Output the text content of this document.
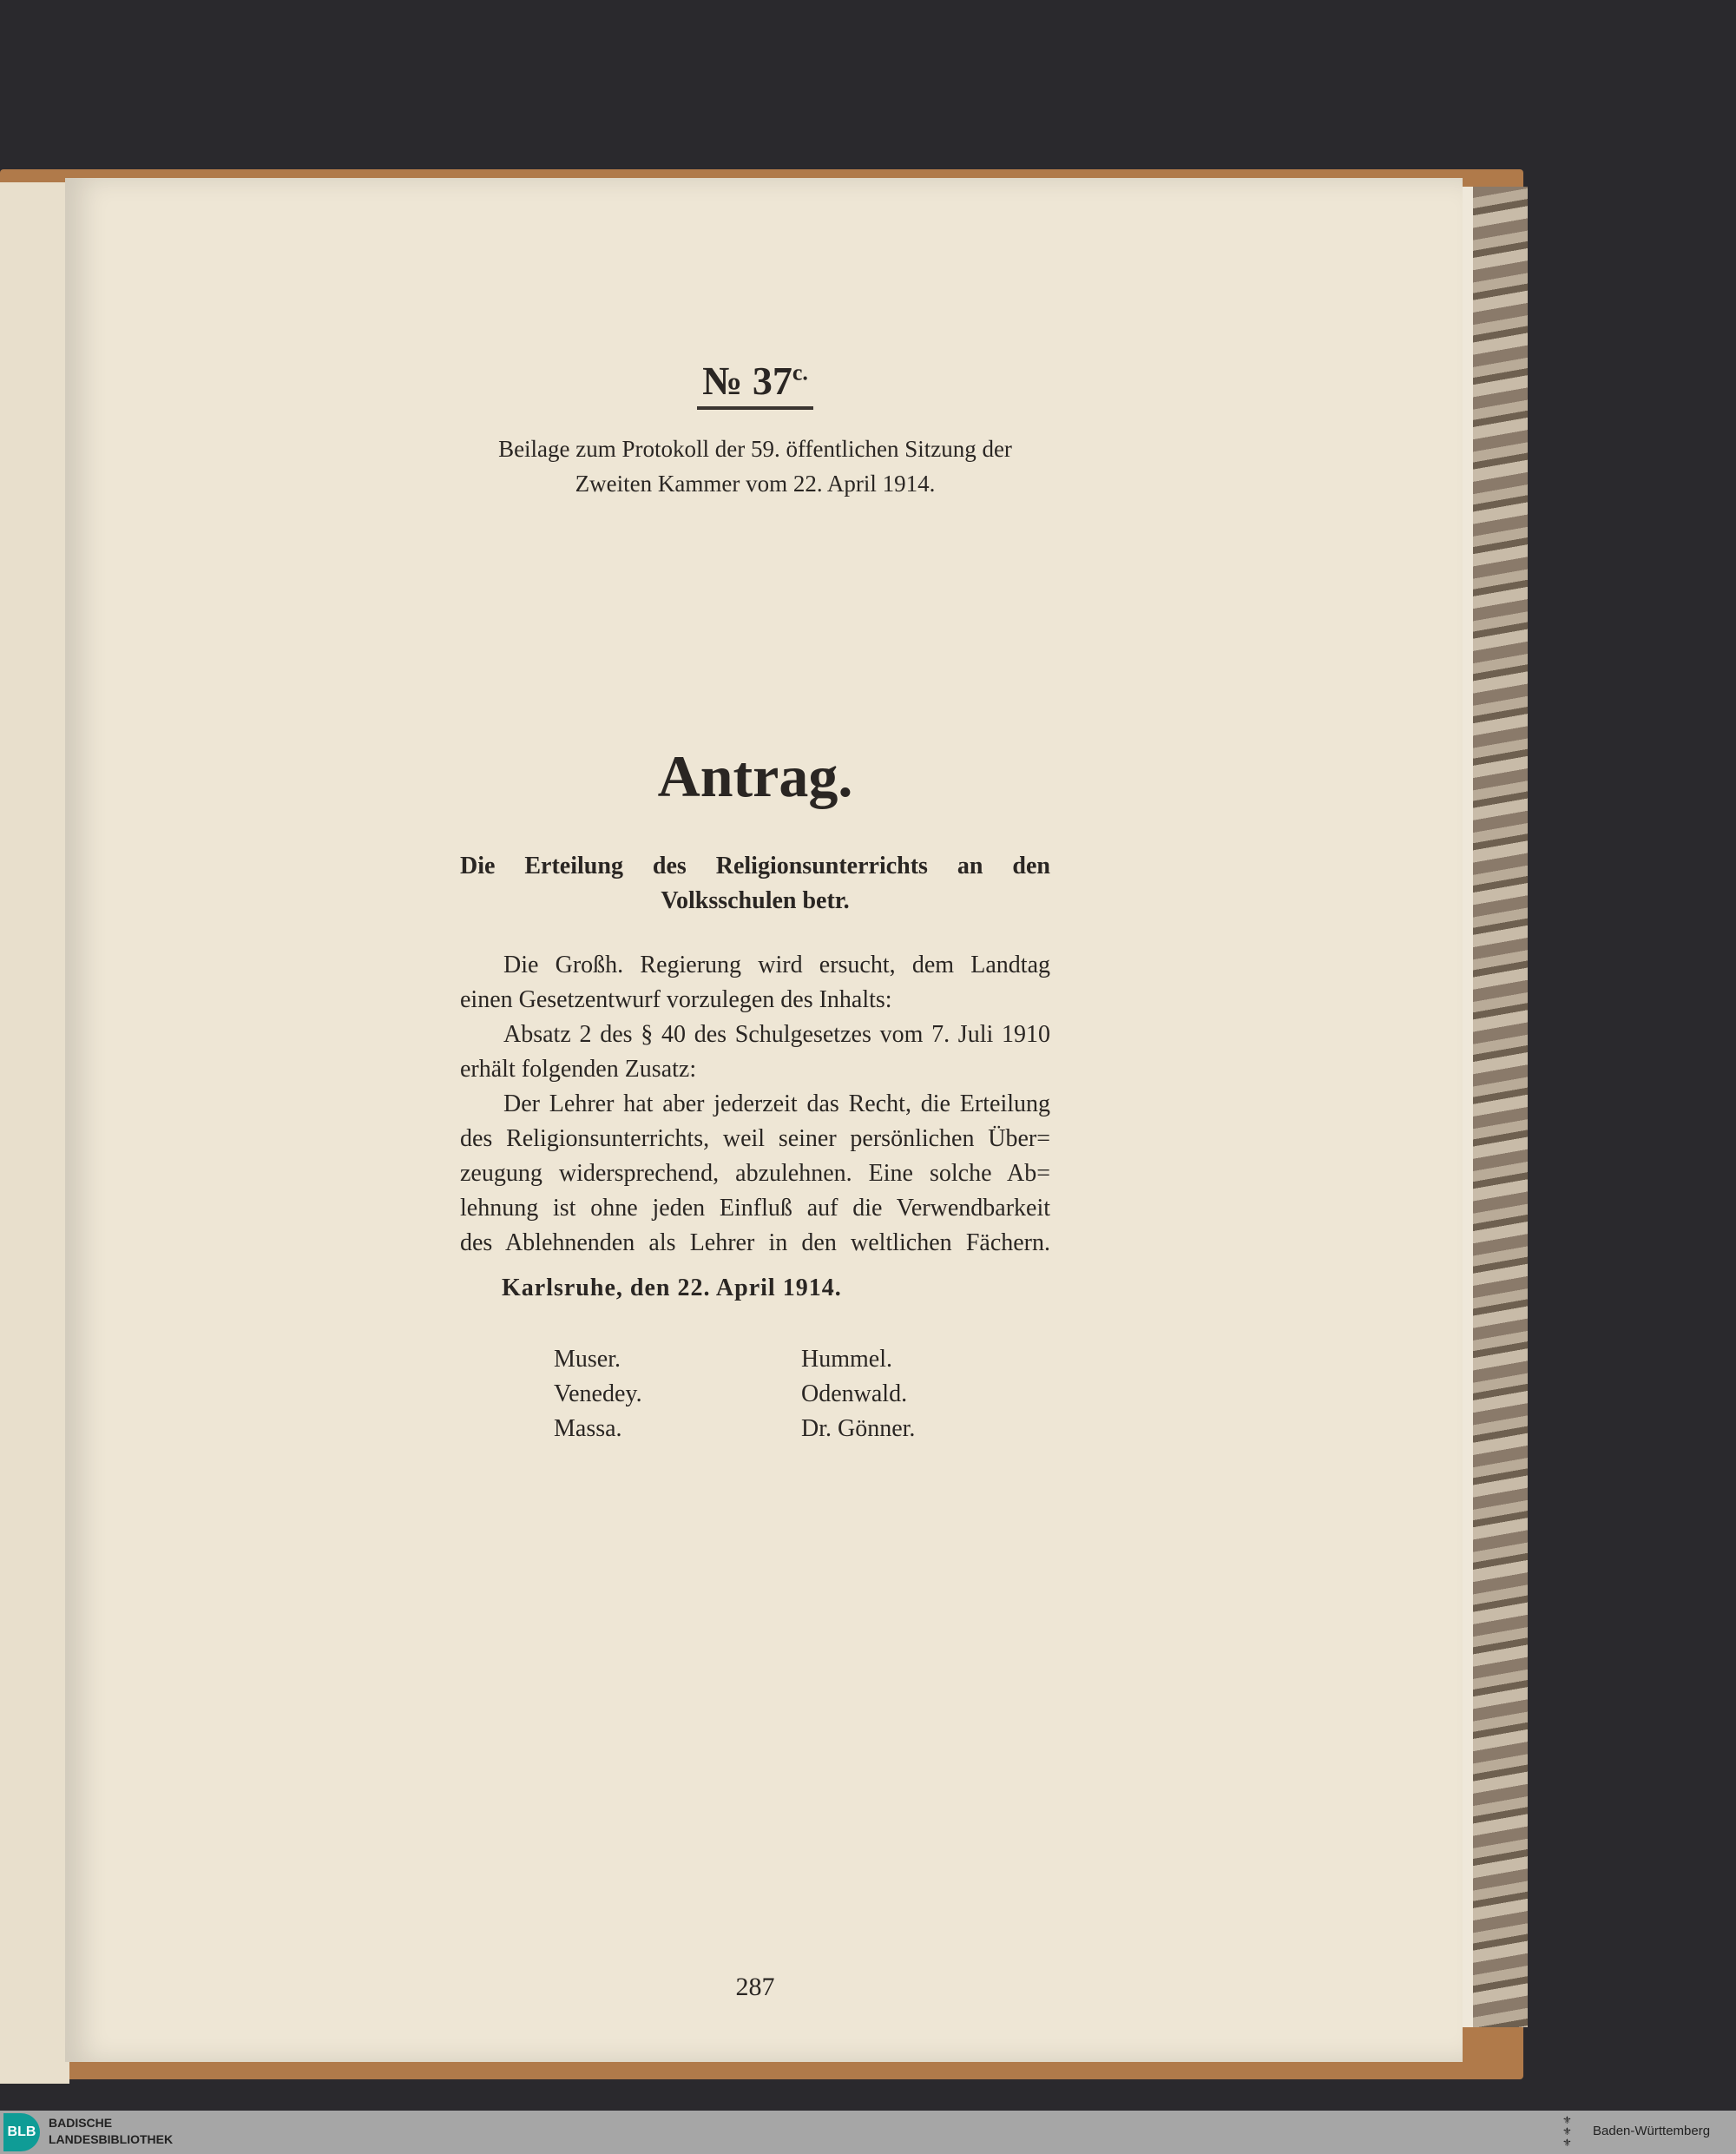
№ $37^{c.}$
Beilage zum Protokoll der 59. öffentlichen Sitzung der
Zweiten Kammer vom 22. April 1914.
Antrag.
Die Erteilung des Religionsunterrichts an den
Volksschulen betr.
Die Großh. Regierung wird ersucht, dem Landtag
einen Gesetzentwurf vorzulegen des Inhalts:
Absatz 2 des § 40 des Schulgesetzes vom 7. Juli 1910
erhält folgenden Zusatz:
Der Lehrer hat aber jederzeit das Recht, die Erteilung
des Religionsunterrichts, weil seiner persönlichen Über=
zeugung widersprechend, abzulehnen. Eine solche Ab=
lehnung ist ohne jeden Einfluß auf die Verwendbarkeit
des Ablehnenden als Lehrer in den weltlichen Fächern.
Karlsruhe, den 22. April 1914.
Muser.
Venedey.
Massa.
Hummel.
Odenwald.
Dr. Gönner.
287
BLB
BADISCHE
LANDESBIBLIOTHEK
⚜
⚜
⚜
Baden-Württemberg
